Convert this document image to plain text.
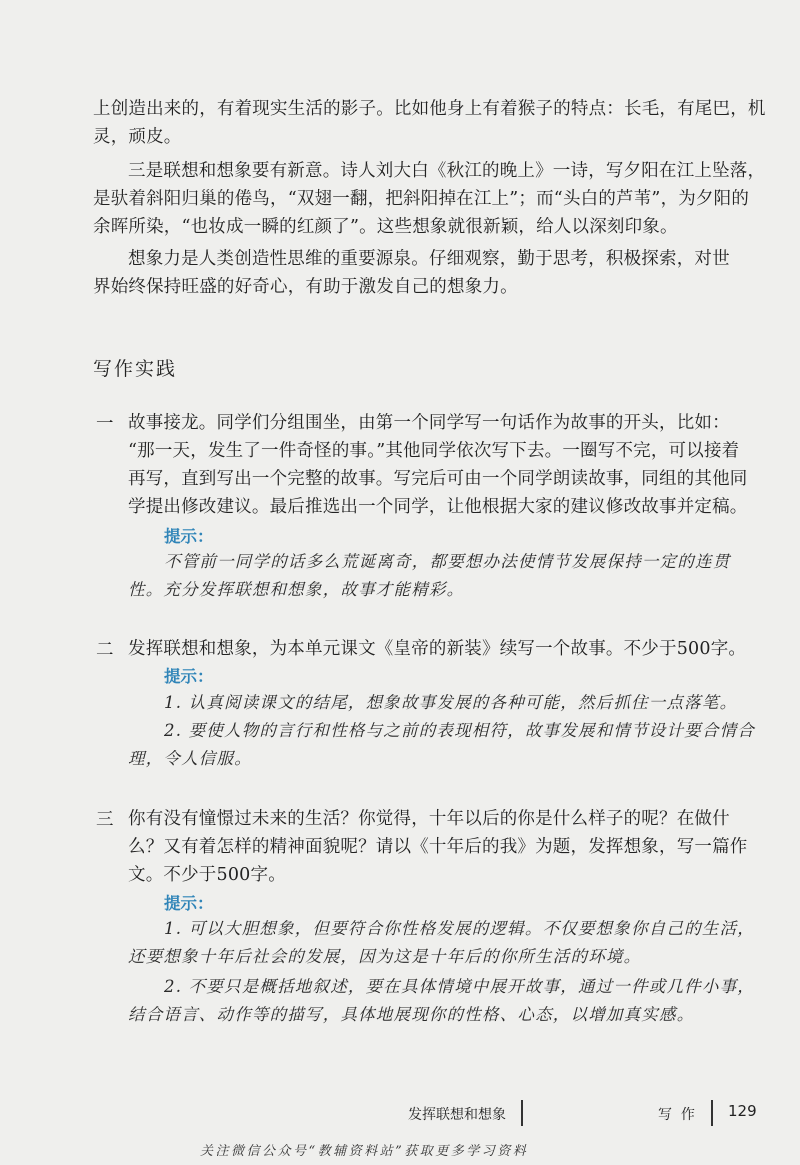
上创造出来的，有着现实生活的影子。比如他身上有着猴子的特点：长毛，有尾巴，机
灵，顽皮。
三是联想和想象要有新意。诗人刘大白《秋江的晚上》一诗，写夕阳在江上坠落，
是驮着斜阳归巢的倦鸟，“双翅一翻，把斜阳掉在江上”；而“头白的芦苇”，为夕阳的
余晖所染，“也妆成一瞬的红颜了”。这些想象就很新颖，给人以深刻印象。
想象力是人类创造性思维的重要源泉。仔细观察，勤于思考，积极探索，对世
界始终保持旺盛的好奇心，有助于激发自己的想象力。
写作实践
一 故事接龙。同学们分组围坐，由第一个同学写一句话作为故事的开头，比如：
“那一天，发生了一件奇怪的事。”其他同学依次写下去。一圈写不完，可以接着
再写，直到写出一个完整的故事。写完后可由一个同学朗读故事，同组的其他同
学提出修改建议。最后推选出一个同学，让他根据大家的建议修改故事并定稿。
提示：
不管前一同学的话多么荒诞离奇，都要想办法使情节发展保持一定的连贯
性。充分发挥联想和想象，故事才能精彩。
二 发挥联想和想象，为本单元课文《皇帝的新装》续写一个故事。不少于500字。
提示：
1. 认真阅读课文的结尾，想象故事发展的各种可能，然后抓住一点落笔。
2. 要使人物的言行和性格与之前的表现相符，故事发展和情节设计要合情合
理，令人信服。
三 你有没有憧憬过未来的生活？你觉得，十年以后的你是什么样子的呢？在做什
么？又有着怎样的精神面貌呢？请以《十年后的我》为题，发挥想象，写一篇作
文。不少于500字。
提示：
1. 可以大胆想象，但要符合你性格发展的逻辑。不仅要想象你自己的生活，
还要想象十年后社会的发展，因为这是十年后的你所生活的环境。
2. 不要只是概括地叙述，要在具体情境中展开故事，通过一件或几件小事，
结合语言、动作等的描写，具体地展现你的性格、心态，以增加真实感。
发挥联想和想象	写  作 129
关注微信公众号“教辅资料站”获取更多学习资料
